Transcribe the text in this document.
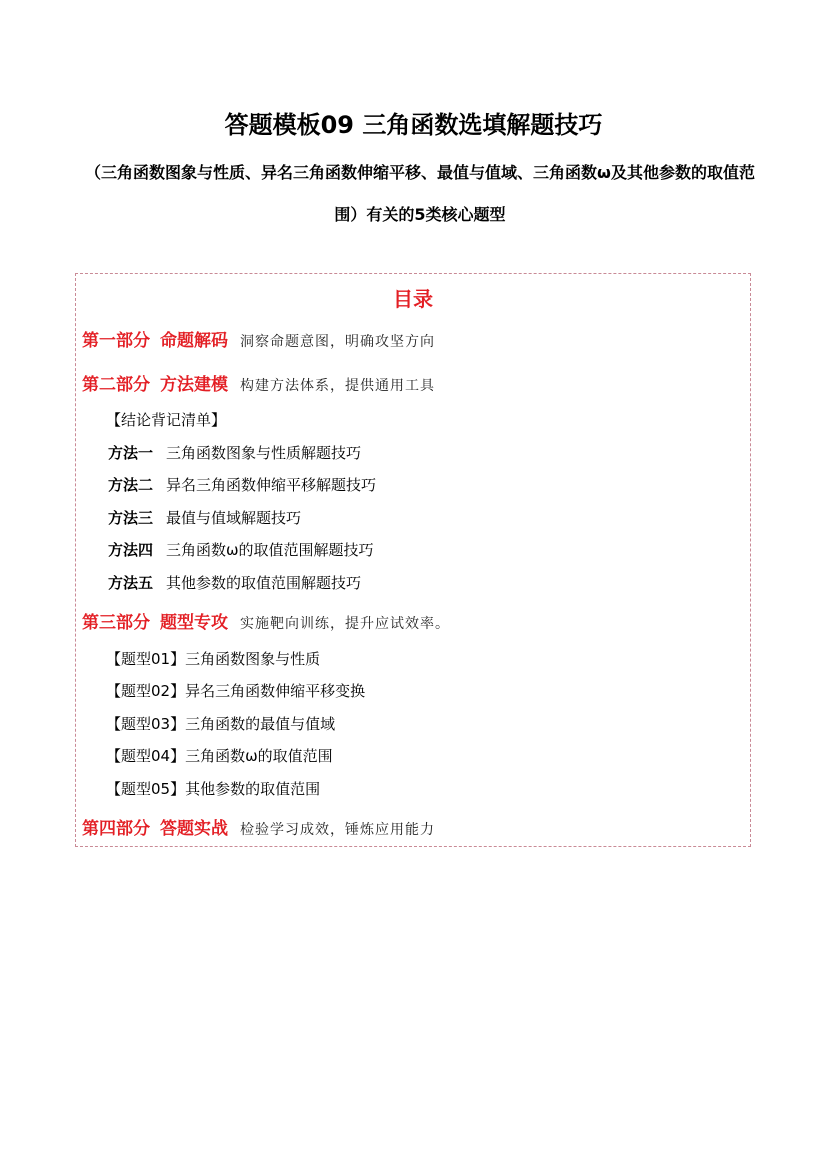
答题模板09 三角函数选填解题技巧

（三角函数图象与性质、异名三角函数伸缩平移、最值与值域、三角函数ω及其他参数的取值范围）有关的5类核心题型

目录
第一部分 命题解码 洞察命题意图，明确攻坚方向
第二部分 方法建模 构建方法体系，提供通用工具
【结论背记清单】
方法一 三角函数图象与性质解题技巧
方法二 异名三角函数伸缩平移解题技巧
方法三 最值与值域解题技巧
方法四 三角函数ω的取值范围解题技巧
方法五 其他参数的取值范围解题技巧
第三部分 题型专攻 实施靶向训练，提升应试效率。
【题型01】三角函数图象与性质
【题型02】异名三角函数伸缩平移变换
【题型03】三角函数的最值与值域
【题型04】三角函数ω的取值范围
【题型05】其他参数的取值范围
第四部分 答题实战 检验学习成效，锤炼应用能力
